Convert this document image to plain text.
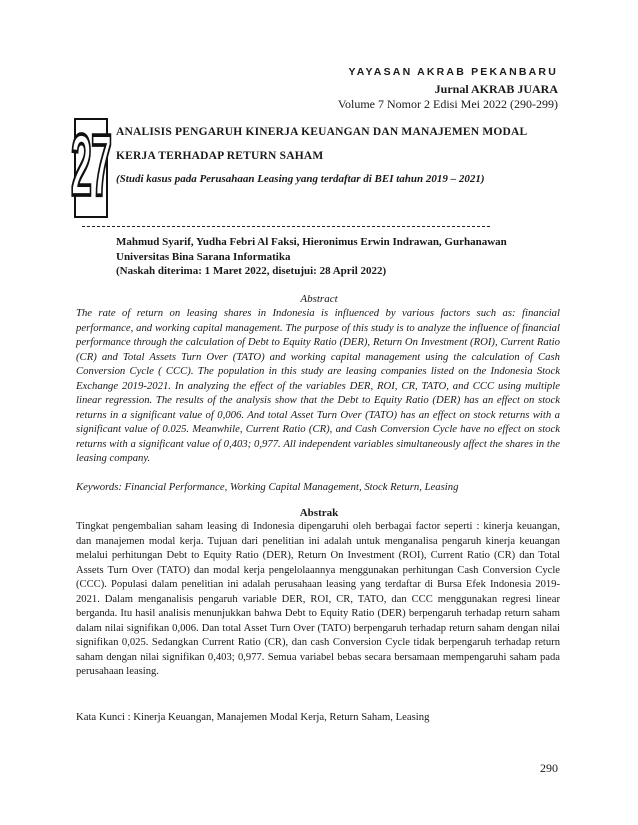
YAYASAN AKRAB PEKANBARU
Jurnal AKRAB JUARA
Volume 7 Nomor 2 Edisi Mei 2022 (290-299)
27 ANALISIS PENGARUH KINERJA KEUANGAN DAN MANAJEMEN MODAL
KERJA TERHADAP RETURN SAHAM
(Studi kasus pada Perusahaan Leasing yang terdaftar di BEI tahun 2019 – 2021)
Mahmud Syarif, Yudha Febri Al Faksi, Hieronimus Erwin Indrawan, Gurhanawan
Universitas Bina Sarana Informatika
(Naskah diterima: 1 Maret 2022, disetujui: 28 April 2022)
Abstract

The rate of return on leasing shares in Indonesia is influenced by various factors such as: financial performance, and working capital management. The purpose of this study is to analyze the influence of financial performance through the calculation of Debt to Equity Ratio (DER), Return On Investment (ROI), Current Ratio (CR) and Total Assets Turn Over (TATO) and working capital management using the calculation of Cash Conversion Cycle ( CCC). The population in this study are leasing companies listed on the Indonesia Stock Exchange 2019-2021. In analyzing the effect of the variables DER, ROI, CR, TATO, and CCC using multiple linear regression. The results of the analysis show that the Debt to Equity Ratio (DER) has an effect on stock returns in a significant value of 0,006. And total Asset Turn Over (TATO) has an effect on stock returns with a significant value of 0.025. Meanwhile, Current Ratio (CR), and Cash Conversion Cycle have no effect on stock returns with a significant value of 0,403; 0,977. All independent variables simultaneously affect the shares in the leasing company.

Keywords: Financial Performance, Working Capital Management, Stock Return, Leasing
Abstrak

Tingkat pengembalian saham leasing di Indonesia dipengaruhi oleh berbagai factor seperti : kinerja keuangan, dan manajemen modal kerja. Tujuan dari penelitian ini adalah untuk menganalisa pengaruh kinerja keuangan melalui perhitungan Debt to Equity Ratio (DER), Return On Investment (ROI), Current Ratio (CR) dan Total Assets Turn Over (TATO) dan modal kerja pengelolaannya menggunakan perhitungan Cash Conversion Cycle (CCC). Populasi dalam penelitian ini adalah perusahaan leasing yang terdaftar di Bursa Efek Indonesia 2019-2021. Dalam menganalisis pengaruh variable DER, ROI, CR, TATO, dan CCC menggunakan regresi linear berganda. Itu hasil analisis menunjukkan bahwa Debt to Equity Ratio (DER) berpengaruh terhadap return saham dalam nilai signifikan 0,006. Dan total Asset Turn Over (TATO) berpengaruh terhadap return saham dengan nilai signifikan 0,025. Sedangkan Current Ratio (CR), dan cash Conversion Cycle tidak berpengaruh terhadap return saham dengan nilai signifikan 0,403; 0,977. Semua variabel bebas secara bersamaan mempengaruhi saham pada perusahaan leasing.

Kata Kunci : Kinerja Keuangan, Manajemen Modal Kerja, Return Saham, Leasing
290
